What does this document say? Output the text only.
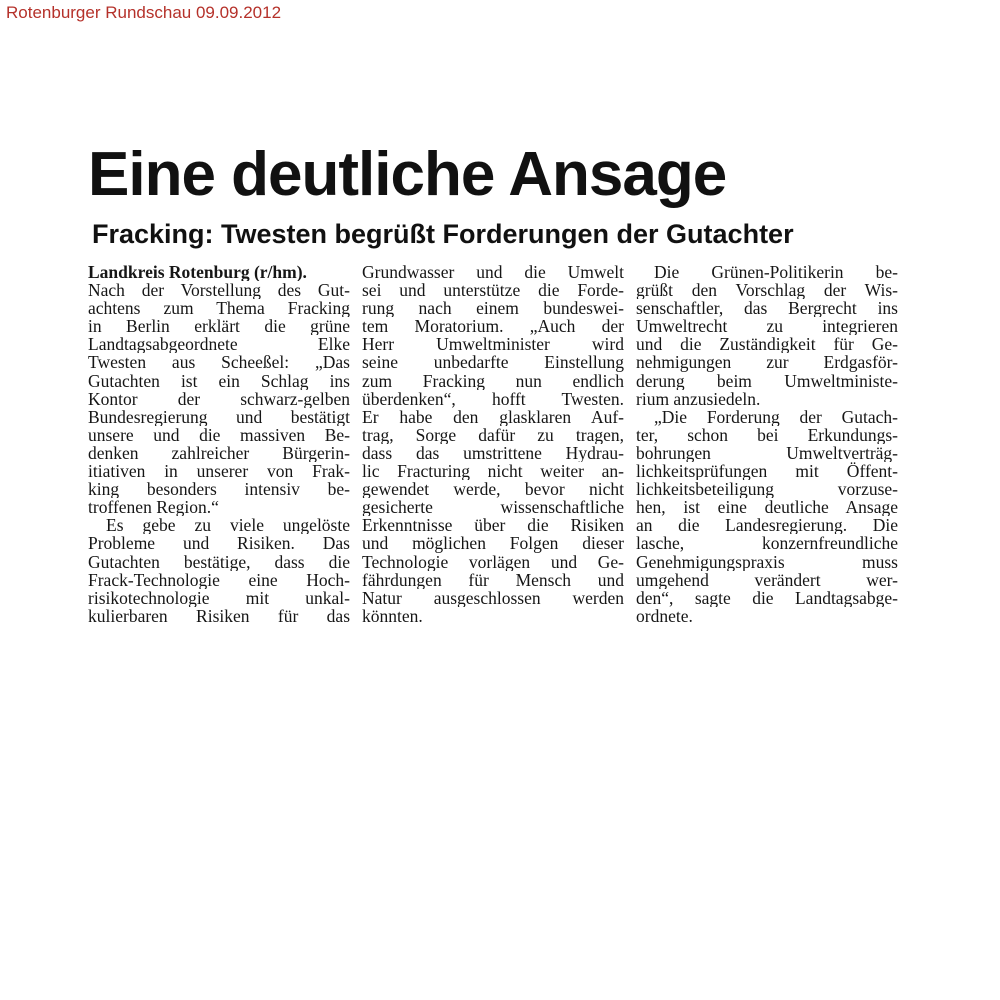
Rotenburger Rundschau 09.09.2012
Eine deutliche Ansage
Fracking: Twesten begrüßt Forderungen der Gutachter
Landkreis Rotenburg (r/hm).
Nach der Vorstellung des Gut-
achtens zum Thema Fracking
in Berlin erklärt die grüne
Landtagsabgeordnete Elke
Twesten aus Scheeßel: „Das
Gutachten ist ein Schlag ins
Kontor der schwarz-gelben
Bundesregierung und bestätigt
unsere und die massiven Be-
denken zahlreicher Bürgerin-
itiativen in unserer von Frak-
king besonders intensiv be-
troffenen Region.“
Es gebe zu viele ungelöste
Probleme und Risiken. Das
Gutachten bestätige, dass die
Frack-Technologie eine Hoch-
risikotechnologie mit unkal-
kulierbaren Risiken für das
Grundwasser und die Umwelt
sei und unterstütze die Forde-
rung nach einem bundeswei-
tem Moratorium. „Auch der
Herr Umweltminister wird
seine unbedarfte Einstellung
zum Fracking nun endlich
überdenken“, hofft Twesten.
Er habe den glasklaren Auf-
trag, Sorge dafür zu tragen,
dass das umstrittene Hydrau-
lic Fracturing nicht weiter an-
gewendet werde, bevor nicht
gesicherte wissenschaftliche
Erkenntnisse über die Risiken
und möglichen Folgen dieser
Technologie vorlägen und Ge-
fährdungen für Mensch und
Natur ausgeschlossen werden
könnten.
Die Grünen-Politikerin be-
grüßt den Vorschlag der Wis-
senschaftler, das Bergrecht ins
Umweltrecht zu integrieren
und die Zuständigkeit für Ge-
nehmigungen zur Erdgasför-
derung beim Umweltministe-
rium anzusiedeln.
„Die Forderung der Gutach-
ter, schon bei Erkundungs-
bohrungen Umweltverträg-
lichkeitsprüfungen mit Öffent-
lichkeitsbeteiligung vorzuse-
hen, ist eine deutliche Ansage
an die Landesregierung. Die
lasche, konzernfreundliche
Genehmigungspraxis muss
umgehend verändert wer-
den“, sagte die Landtagsabge-
ordnete.
